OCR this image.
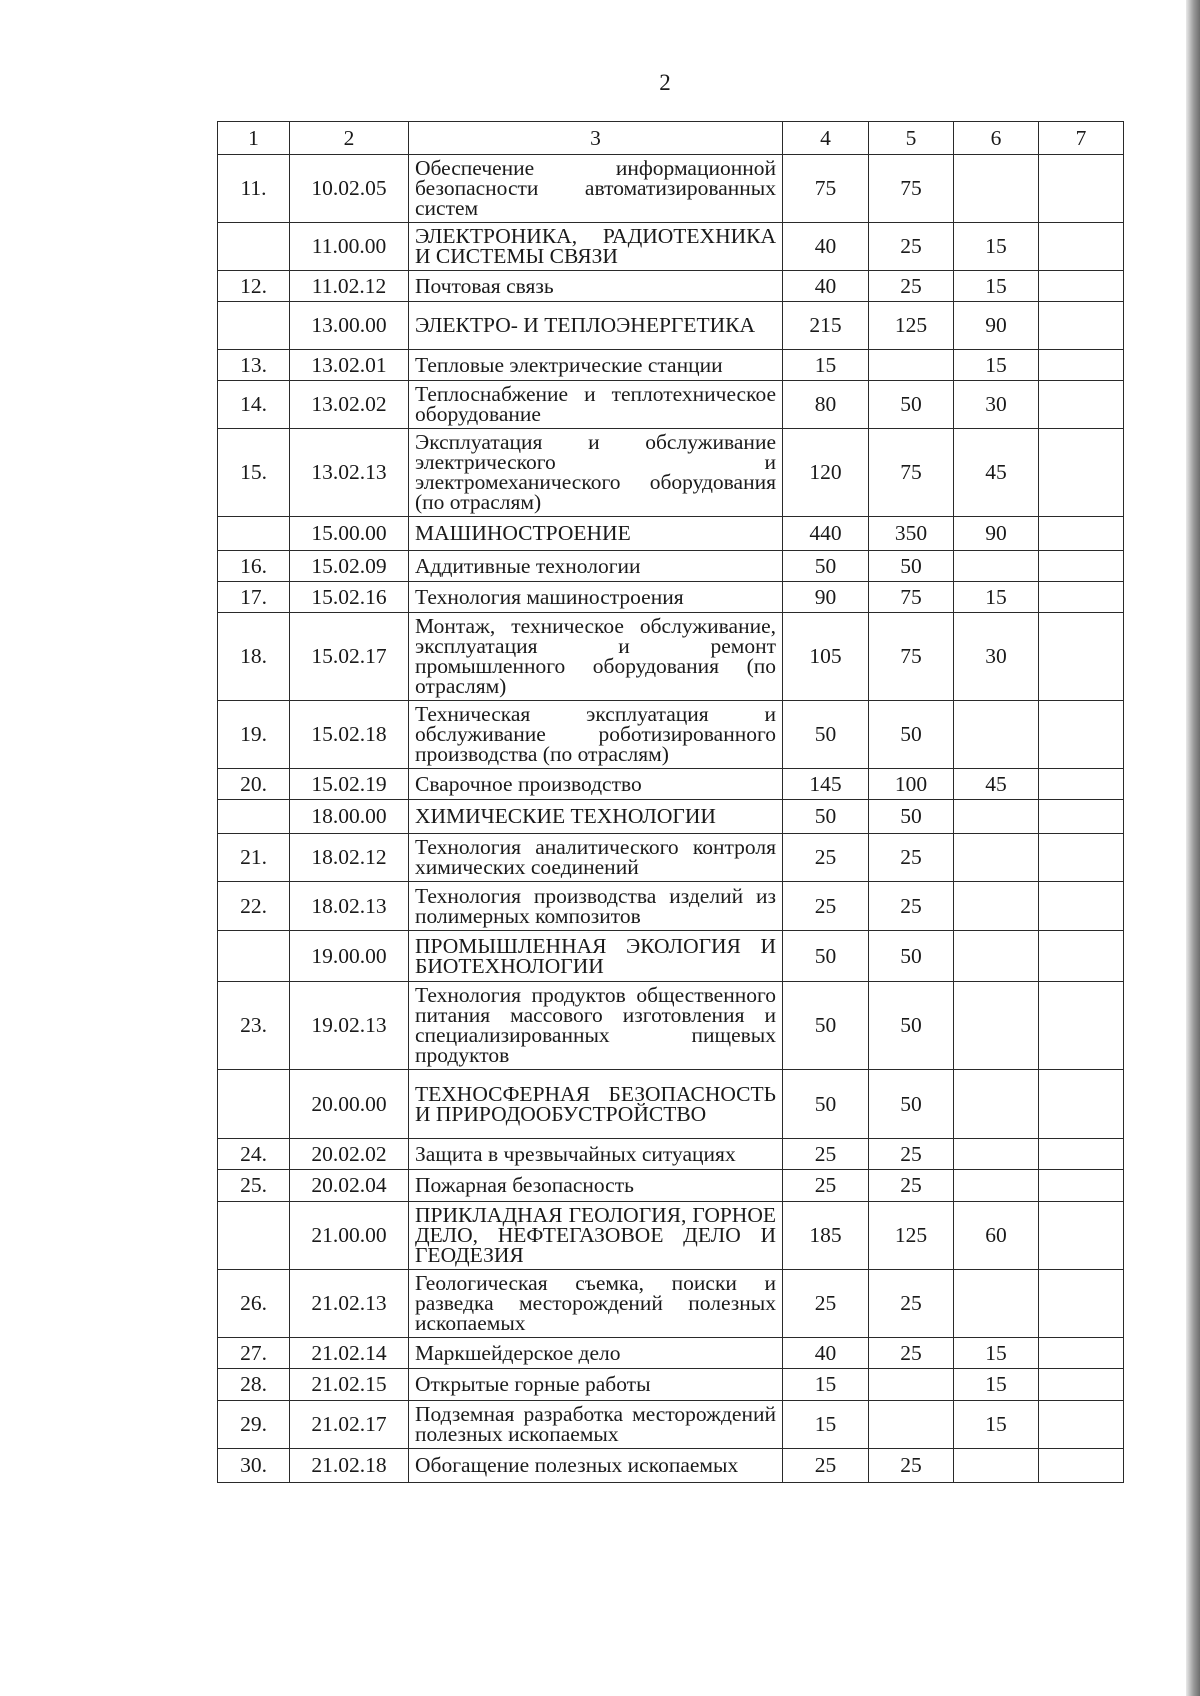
2
1	2	3	4	5	6	7
11.	10.02.05	Обеспечение информационной безопасности автоматизированных систем	75	75		
	11.00.00	ЭЛЕКТРОНИКА, РАДИОТЕХНИКА И СИСТЕМЫ СВЯЗИ	40	25	15	
12.	11.02.12	Почтовая связь	40	25	15	
	13.00.00	ЭЛЕКТРО- И ТЕПЛОЭНЕРГЕТИКА	215	125	90	
13.	13.02.01	Тепловые электрические станции	15		15	
14.	13.02.02	Теплоснабжение и теплотехническое оборудование	80	50	30	
15.	13.02.13	Эксплуатация и обслуживание электрического и электромеханического оборудования (по отраслям)	120	75	45	
	15.00.00	МАШИНОСТРОЕНИЕ	440	350	90	
16.	15.02.09	Аддитивные технологии	50	50		
17.	15.02.16	Технология машиностроения	90	75	15	
18.	15.02.17	Монтаж, техническое обслуживание, эксплуатация и ремонт промышленного оборудования (по отраслям)	105	75	30	
19.	15.02.18	Техническая эксплуатация и обслуживание роботизированного производства (по отраслям)	50	50		
20.	15.02.19	Сварочное производство	145	100	45	
	18.00.00	ХИМИЧЕСКИЕ ТЕХНОЛОГИИ	50	50		
21.	18.02.12	Технология аналитического контроля химических соединений	25	25		
22.	18.02.13	Технология производства изделий из полимерных композитов	25	25		
	19.00.00	ПРОМЫШЛЕННАЯ ЭКОЛОГИЯ И БИОТЕХНОЛОГИИ	50	50		
23.	19.02.13	Технология продуктов общественного питания массового изготовления и специализированных пищевых продуктов	50	50		
	20.00.00	ТЕХНОСФЕРНАЯ БЕЗОПАСНОСТЬ И ПРИРОДООБУСТРОЙСТВО	50	50		
24.	20.02.02	Защита в чрезвычайных ситуациях	25	25		
25.	20.02.04	Пожарная безопасность	25	25		
	21.00.00	ПРИКЛАДНАЯ ГЕОЛОГИЯ, ГОРНОЕ ДЕЛО, НЕФТЕГАЗОВОЕ ДЕЛО И ГЕОДЕЗИЯ	185	125	60	
26.	21.02.13	Геологическая съемка, поиски и разведка месторождений полезных ископаемых	25	25		
27.	21.02.14	Маркшейдерское дело	40	25	15	
28.	21.02.15	Открытые горные работы	15		15	
29.	21.02.17	Подземная разработка месторождений полезных ископаемых	15		15	
30.	21.02.18	Обогащение полезных ископаемых	25	25		
